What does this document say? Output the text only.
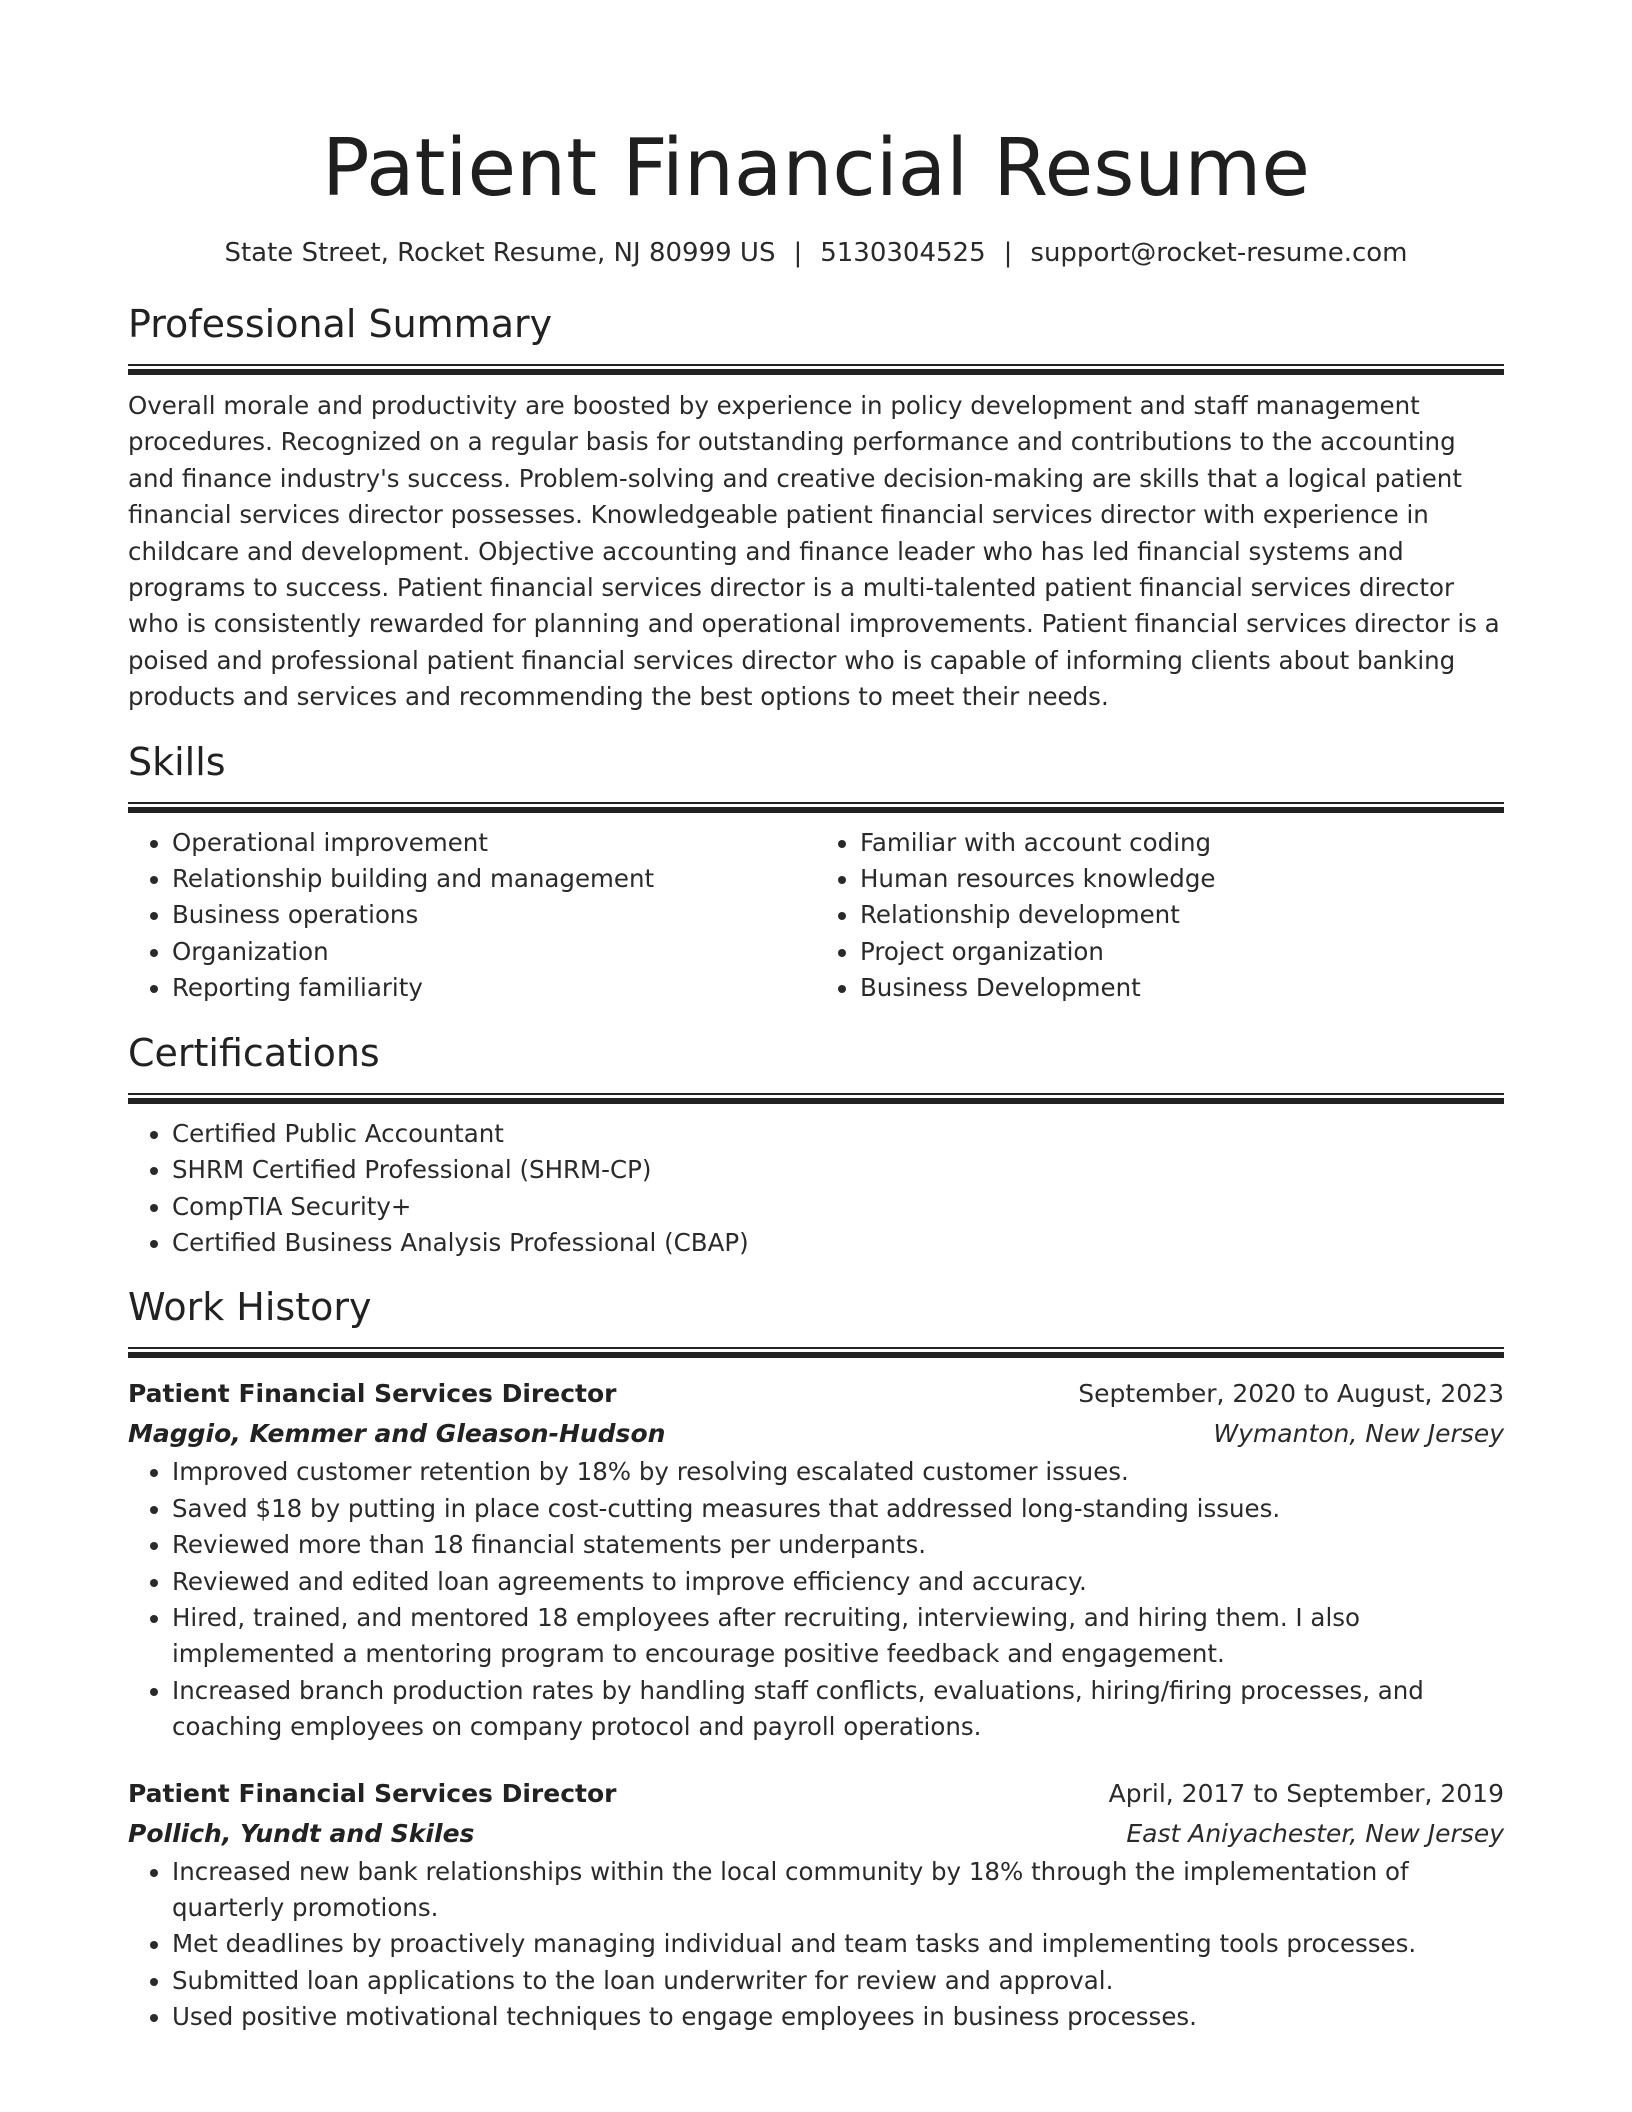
Patient Financial Resume
State Street, Rocket Resume, NJ 80999 US | 5130304525 | support@rocket-resume.com
Professional Summary
Overall morale and productivity are boosted by experience in policy development and staff management procedures. Recognized on a regular basis for outstanding performance and contributions to the accounting and finance industry's success. Problem-solving and creative decision-making are skills that a logical patient financial services director possesses. Knowledgeable patient financial services director with experience in childcare and development. Objective accounting and finance leader who has led financial systems and programs to success. Patient financial services director is a multi-talented patient financial services director who is consistently rewarded for planning and operational improvements. Patient financial services director is a poised and professional patient financial services director who is capable of informing clients about banking products and services and recommending the best options to meet their needs.
Skills
• Operational improvement
• Relationship building and management
• Business operations
• Organization
• Reporting familiarity
• Familiar with account coding
• Human resources knowledge
• Relationship development
• Project organization
• Business Development
Certifications
• Certified Public Accountant
• SHRM Certified Professional (SHRM-CP)
• CompTIA Security+
• Certified Business Analysis Professional (CBAP)
Work History
Patient Financial Services Director	September, 2020 to August, 2023
Maggio, Kemmer and Gleason-Hudson	Wymanton, New Jersey
• Improved customer retention by 18% by resolving escalated customer issues.
• Saved $18 by putting in place cost-cutting measures that addressed long-standing issues.
• Reviewed more than 18 financial statements per underpants.
• Reviewed and edited loan agreements to improve efficiency and accuracy.
• Hired, trained, and mentored 18 employees after recruiting, interviewing, and hiring them. I also implemented a mentoring program to encourage positive feedback and engagement.
• Increased branch production rates by handling staff conflicts, evaluations, hiring/firing processes, and coaching employees on company protocol and payroll operations.
Patient Financial Services Director	April, 2017 to September, 2019
Pollich, Yundt and Skiles	East Aniyachester, New Jersey
• Increased new bank relationships within the local community by 18% through the implementation of quarterly promotions.
• Met deadlines by proactively managing individual and team tasks and implementing tools processes.
• Submitted loan applications to the loan underwriter for review and approval.
• Used positive motivational techniques to engage employees in business processes.
